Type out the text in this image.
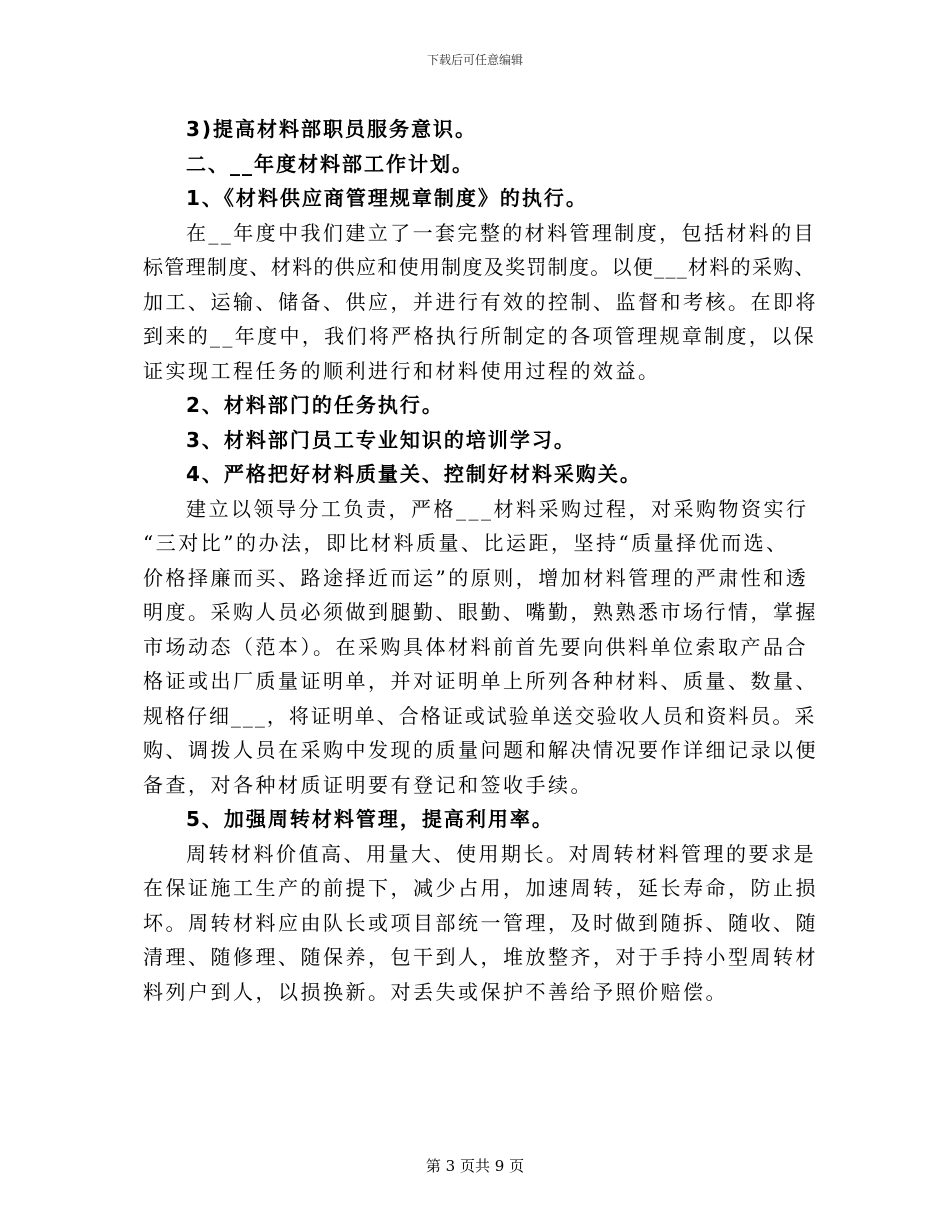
下载后可任意编辑
3)提高材料部职员服务意识。
二、__年度材料部工作计划。
1、《材料供应商管理规章制度》的执行。
在__年度中我们建立了一套完整的材料管理制度，包括材料的目
标管理制度、材料的供应和使用制度及奖罚制度。以便___材料的采购、
加工、运输、储备、供应，并进行有效的控制、监督和考核。在即将
到来的__年度中，我们将严格执行所制定的各项管理规章制度，以保
证实现工程任务的顺利进行和材料使用过程的效益。
2、材料部门的任务执行。
3、材料部门员工专业知识的培训学习。
4、严格把好材料质量关、控制好材料采购关。
建立以领导分工负责，严格___材料采购过程，对采购物资实行
“三对比”的办法，即比材料质量、比运距，坚持“质量择优而选、
价格择廉而买、路途择近而运”的原则，增加材料管理的严肃性和透
明度。采购人员必须做到腿勤、眼勤、嘴勤，熟熟悉市场行情，掌握
市场动态（范本）。在采购具体材料前首先要向供料单位索取产品合
格证或出厂质量证明单，并对证明单上所列各种材料、质量、数量、
规格仔细___，将证明单、合格证或试验单送交验收人员和资料员。采
购、调拨人员在采购中发现的质量问题和解决情况要作详细记录以便
备查，对各种材质证明要有登记和签收手续。
5、加强周转材料管理，提高利用率。
周转材料价值高、用量大、使用期长。对周转材料管理的要求是
在保证施工生产的前提下，减少占用，加速周转，延长寿命，防止损
坏。周转材料应由队长或项目部统一管理，及时做到随拆、随收、随
清理、随修理、随保养，包干到人，堆放整齐，对于手持小型周转材
料列户到人，以损换新。对丢失或保护不善给予照价赔偿。
第 3 页共 9 页
